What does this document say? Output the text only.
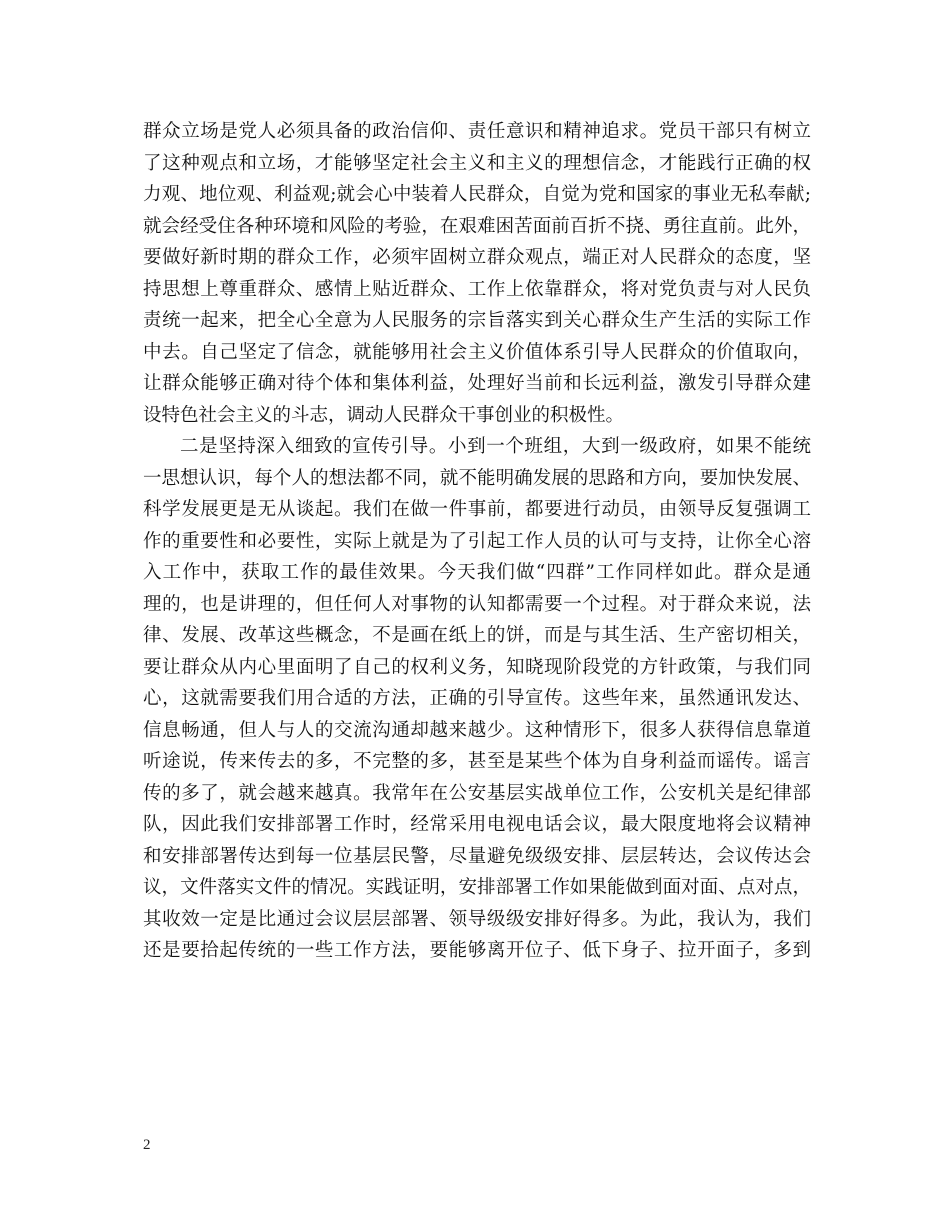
群众立场是党人必须具备的政治信仰、责任意识和精神追求。党员干部只有树立
了这种观点和立场，才能够坚定社会主义和主义的理想信念，才能践行正确的权
力观、地位观、利益观;就会心中装着人民群众，自觉为党和国家的事业无私奉献;
就会经受住各种环境和风险的考验，在艰难困苦面前百折不挠、勇往直前。此外，
要做好新时期的群众工作，必须牢固树立群众观点，端正对人民群众的态度，坚
持思想上尊重群众、感情上贴近群众、工作上依靠群众，将对党负责与对人民负
责统一起来，把全心全意为人民服务的宗旨落实到关心群众生产生活的实际工作
中去。自己坚定了信念，就能够用社会主义价值体系引导人民群众的价值取向，
让群众能够正确对待个体和集体利益，处理好当前和长远利益，激发引导群众建
设特色社会主义的斗志，调动人民群众干事创业的积极性。
二是坚持深入细致的宣传引导。小到一个班组，大到一级政府，如果不能统
一思想认识，每个人的想法都不同，就不能明确发展的思路和方向，要加快发展、
科学发展更是无从谈起。我们在做一件事前，都要进行动员，由领导反复强调工
作的重要性和必要性，实际上就是为了引起工作人员的认可与支持，让你全心溶
入工作中，获取工作的最佳效果。今天我们做“四群”工作同样如此。群众是通
理的，也是讲理的，但任何人对事物的认知都需要一个过程。对于群众来说，法
律、发展、改革这些概念，不是画在纸上的饼，而是与其生活、生产密切相关，
要让群众从内心里面明了自己的权利义务，知晓现阶段党的方针政策，与我们同
心，这就需要我们用合适的方法，正确的引导宣传。这些年来，虽然通讯发达、
信息畅通，但人与人的交流沟通却越来越少。这种情形下，很多人获得信息靠道
听途说，传来传去的多，不完整的多，甚至是某些个体为自身利益而谣传。谣言
传的多了，就会越来越真。我常年在公安基层实战单位工作，公安机关是纪律部
队，因此我们安排部署工作时，经常采用电视电话会议，最大限度地将会议精神
和安排部署传达到每一位基层民警，尽量避免级级安排、层层转达，会议传达会
议，文件落实文件的情况。实践证明，安排部署工作如果能做到面对面、点对点，
其收效一定是比通过会议层层部署、领导级级安排好得多。为此，我认为，我们
还是要拾起传统的一些工作方法，要能够离开位子、低下身子、拉开面子，多到
2
